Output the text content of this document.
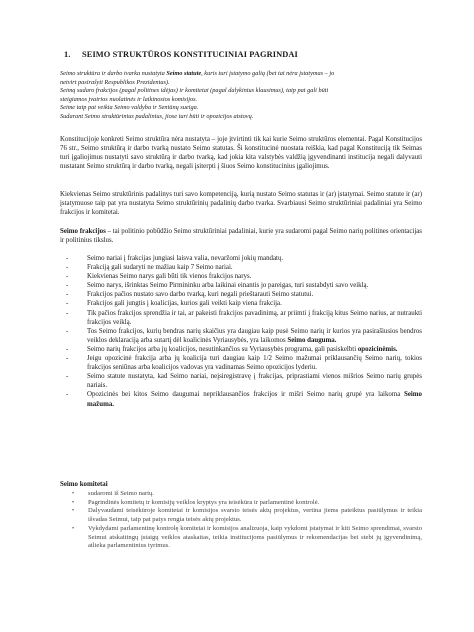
1. SEIMO STRUKTŪROS KONSTITUCINIAI PAGRINDAI

Seimo struktūra ir darbo tvarka nustatyta Seimo statute, kuris turi įstatymo galią (bet tai nėra įstatymas – jo

netvirt pasirašyti Respublikos Prezidentas).

Seimą sudaro frakcijos (pagal politines idėjas) ir komitetai (pagal dalykinius klausimus), taip pat gali būti

steigiamos įvairios nuolatinės ir laikinosios komisijos.

Seime taip pat veikia Seimo valdyba ir Seniūnų sueiga.

Sudarant Seimo struktūrinius padalinius, jiose turi būti ir opozicijos atstovų.

Konstitucijoje konkreti Seimo struktūra nėra nustatyta – joje įtvirtinti tik kai kurie Seimo struktūros elementai. Pagal Konstitucijos 76 str., Seimo struktūrą ir darbo tvarką nustato Seimo statutas. Ši konstitucinė nuostata reiškia, kad pagal Konstituciją tik Seimas turi įgaliojimus nustatyti savo struktūrą ir darbo tvarką, kad jokia kita valstybės valdžią įgyvendinanti institucija negali dalyvauti nustatant Seimo struktūrą ir darbo tvarką, negali įsiterpti į šiuos Seimo konstitucinius įgaliojimus.

Kiekvienas Seimo struktūrinis padalinys turi savo kompetenciją, kurią nustato Seimo statutas ir (ar) įstatymai. Seimo statute ir (ar) įstatymuose taip pat yra nustatyta Seimo struktūrinių padalinių darbo tvarka. Svarbiausi Seimo struktūriniai padaliniai yra Seimo frakcijos ir komitetai.

Seimo frakcijos – tai politinio pobūdžio Seimo struktūriniai padaliniai, kurie yra sudaromi pagal Seimo narių politines orientacijas ir politinius tikslus.

-	Seimo nariai į frakcijas jungiasi laisva valia, nevaržomi jokių mandatų.

-	Frakciją gali sudaryti ne mažiau kaip 7 Seimo nariai.

-	Kiekvienas Seimo narys gali būti tik vienos frakcijos narys.

-	Seimo narys, išrinktas Seimo Pirmininku arba laikinai einantis jo pareigas, turi sustabdyti savo veiklą.

-	Frakcijos pačios nustato savo darbo tvarką, kuri negali prieštarauti Seimo statutui.

-	Frakcijos gali jungtis į koalicijas, kurios gali veikti kaip viena frakcija.

-	Tik pačios frakcijos sprendžia ir tai, ar pakeisti frakcijos pavadinimą, ar priimti į frakciją kitus Seimo narius, ar nutraukti frakcijos veiklą.

-	Tos Seimo frakcijos, kurių bendras narių skaičius yra daugiau kaip pusė Seimo narių ir kurios yra pasirašiusios bendros veiklos deklaraciją arba sutartį dėl koalicinės Vyriausybės, yra laikomos Seimo dauguma.

-	Seimo narių frakcijos arba jų koalicijos, nesutinkančios su Vyriausybės programa, gali pasiskelbti opozicinėmis.

-	Jeigu opozicinė frakcija arba jų koalicija turi daugiau kaip 1/2 Seimo mažumai priklausančių Seimo narių, tokios frakcijos seniūnas arba koalicijos vadovas yra vadinamas Seimo opozicijos lyderiu.

-	Seimo statute nustatyta, kad Seimo nariai, neįsiregistravę į frakcijas, priprastiami vienos mišrios Seimo narių grupės nariais.

-	Opozicinės bei kitos Seimo daugumai nepriklausančios frakcijos ir mišri Seimo narių grupė yra laikoma Seimo mažuma.

Seimo komitetai

• sudaromi iš Seimo narių.

• Pagrindinės komitetų ir komisijų veiklos kryptys yra teisėkūra ir parlamentinė kontrolė.

• Dalyvaudami teisėkūroje komitetai ir komisijos svarsto teisės aktų projektus, vertina jiems pateiktus pasiūlymus ir teikia išvadas Seimui, taip pat patys rengia teisės aktų projektus.

• Vykdydami parlamentinę kontrolę komitetai ir komisijos analizuoja, kaip vykdomi įstatymai ir kiti Seimo sprendimai, svarsto Seimui atskaitingų įstaigų veiklos ataskaitas, teikia institucijoms pasiūlymus ir rekomendacijas bei stebi jų įgyvendinimą, atlieka parlamentinius tyrimus.
